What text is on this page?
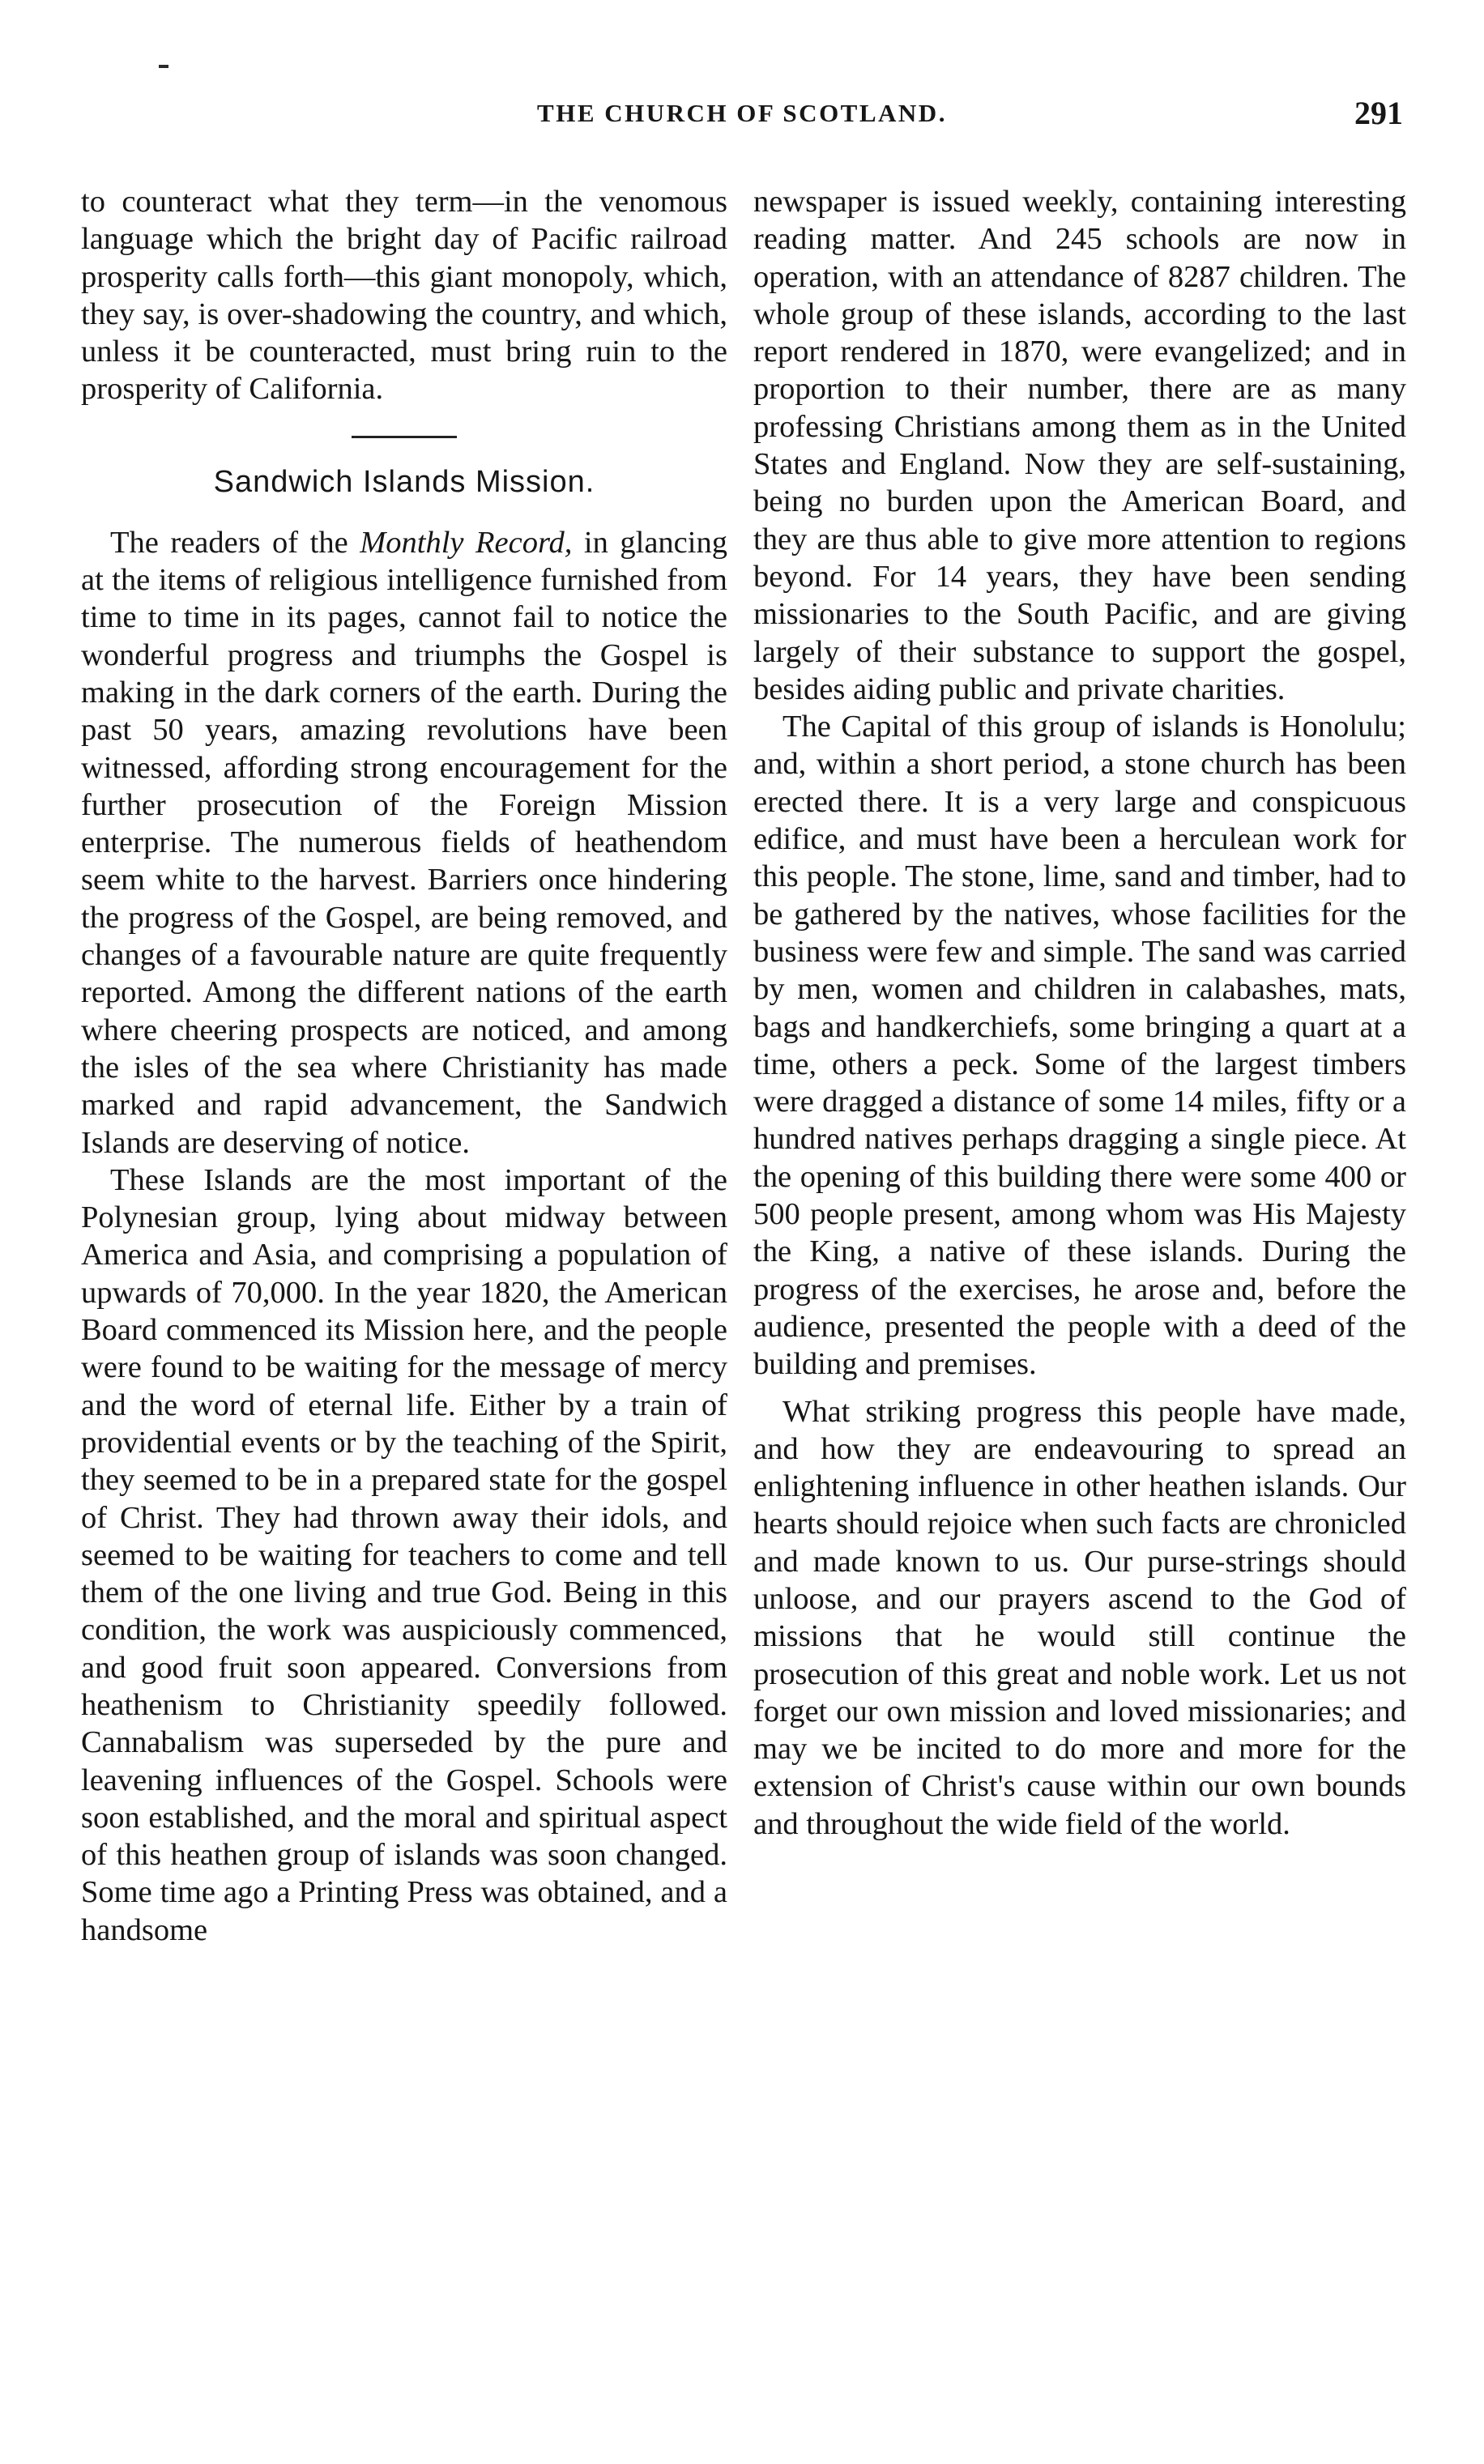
THE CHURCH OF SCOTLAND.	291

to counteract what they term—in the venomous language which the bright day of Pacific railroad prosperity calls forth—this giant monopoly, which, they say, is over-shadowing the country, and which, unless it be counteracted, must bring ruin to the prosperity of California.

Sandwich Islands Mission.

The readers of the Monthly Record, in glancing at the items of religious intelligence furnished from time to time in its pages, cannot fail to notice the wonderful progress and triumphs the Gospel is making in the dark corners of the earth. During the past 50 years, amazing revolutions have been witnessed, affording strong encouragement for the further prosecution of the Foreign Mission enterprise. The numerous fields of heathendom seem white to the harvest. Barriers once hindering the progress of the Gospel, are being removed, and changes of a favourable nature are quite frequently reported. Among the different nations of the earth where cheering prospects are noticed, and among the isles of the sea where Christianity has made marked and rapid advancement, the Sandwich Islands are deserving of notice.

These Islands are the most important of the Polynesian group, lying about midway between America and Asia, and comprising a population of upwards of 70,000. In the year 1820, the American Board commenced its Mission here, and the people were found to be waiting for the message of mercy and the word of eternal life. Either by a train of providential events or by the teaching of the Spirit, they seemed to be in a prepared state for the gospel of Christ. They had thrown away their idols, and seemed to be waiting for teachers to come and tell them of the one living and true God. Being in this condition, the work was auspiciously commenced, and good fruit soon appeared. Conversions from heathenism to Christianity speedily followed. Cannabalism was superseded by the pure and leavening influences of the Gospel. Schools were soon established, and the moral and spiritual aspect of this heathen group of islands was soon changed. Some time ago a Printing Press was obtained, and a handsome

newspaper is issued weekly, containing interesting reading matter. And 245 schools are now in operation, with an attendance of 8287 children. The whole group of these islands, according to the last report rendered in 1870, were evangelized; and in proportion to their number, there are as many professing Christians among them as in the United States and England. Now they are self-sustaining, being no burden upon the American Board, and they are thus able to give more attention to regions beyond. For 14 years, they have been sending missionaries to the South Pacific, and are giving largely of their substance to support the gospel, besides aiding public and private charities.

The Capital of this group of islands is Honolulu; and, within a short period, a stone church has been erected there. It is a very large and conspicuous edifice, and must have been a herculean work for this people. The stone, lime, sand and timber, had to be gathered by the natives, whose facilities for the business were few and simple. The sand was carried by men, women and children in calabashes, mats, bags and handkerchiefs, some bringing a quart at a time, others a peck. Some of the largest timbers were dragged a distance of some 14 miles, fifty or a hundred natives perhaps dragging a single piece. At the opening of this building there were some 400 or 500 people present, among whom was His Majesty the King, a native of these islands. During the progress of the exercises, he arose and, before the audience, presented the people with a deed of the building and premises.

What striking progress this people have made, and how they are endeavouring to spread an enlightening influence in other heathen islands. Our hearts should rejoice when such facts are chronicled and made known to us. Our purse-strings should unloose, and our prayers ascend to the God of missions that he would still continue the prosecution of this great and noble work. Let us not forget our own mission and loved missionaries; and may we be incited to do more and more for the extension of Christ's cause within our own bounds and throughout the wide field of the world.
